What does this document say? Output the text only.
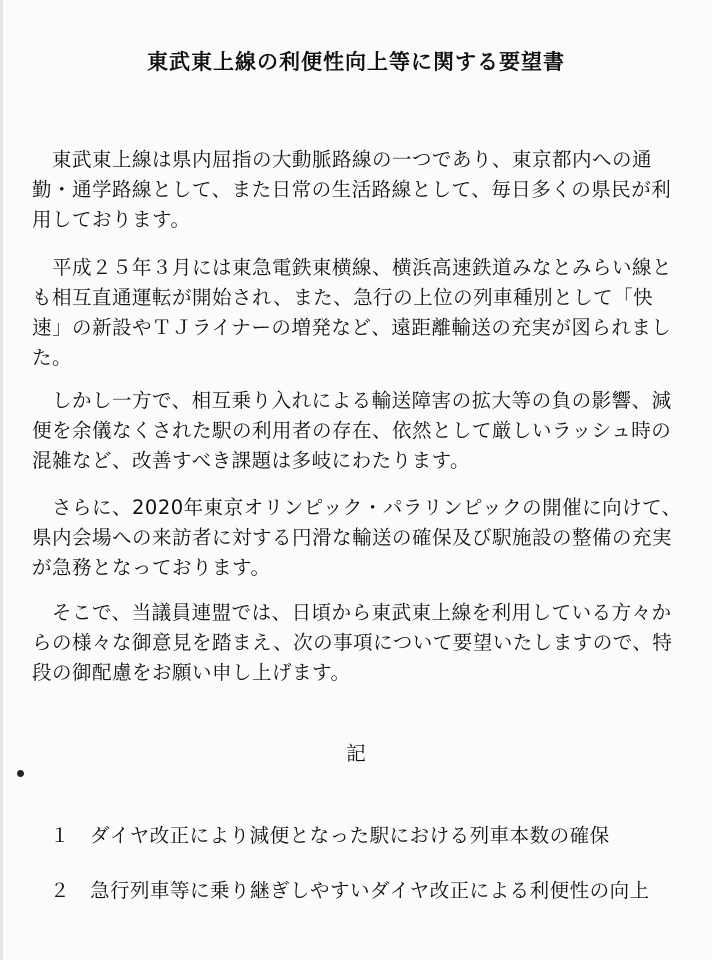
東武東上線の利便性向上等に関する要望書

　東武東上線は県内屈指の大動脈路線の一つであり、東京都内への通勤・通学路線として、また日常の生活路線として、毎日多くの県民が利用しております。

　平成２５年３月には東急電鉄東横線、横浜高速鉄道みなとみらい線とも相互直通運転が開始され、また、急行の上位の列車種別として「快速」の新設やＴＪライナーの増発など、遠距離輸送の充実が図られました。

　しかし一方で、相互乗り入れによる輸送障害の拡大等の負の影響、減便を余儀なくされた駅の利用者の存在、依然として厳しいラッシュ時の混雑など、改善すべき課題は多岐にわたります。

　さらに、2020年東京オリンピック・パラリンピックの開催に向けて、県内会場への来訪者に対する円滑な輸送の確保及び駅施設の整備の充実が急務となっております。

　そこで、当議員連盟では、日頃から東武東上線を利用している方々からの様々な御意見を踏まえ、次の事項について要望いたしますので、特段の御配慮をお願い申し上げます。

記
１	ダイヤ改正により減便となった駅における列車本数の確保
２	急行列車等に乗り継ぎしやすいダイヤ改正による利便性の向上
